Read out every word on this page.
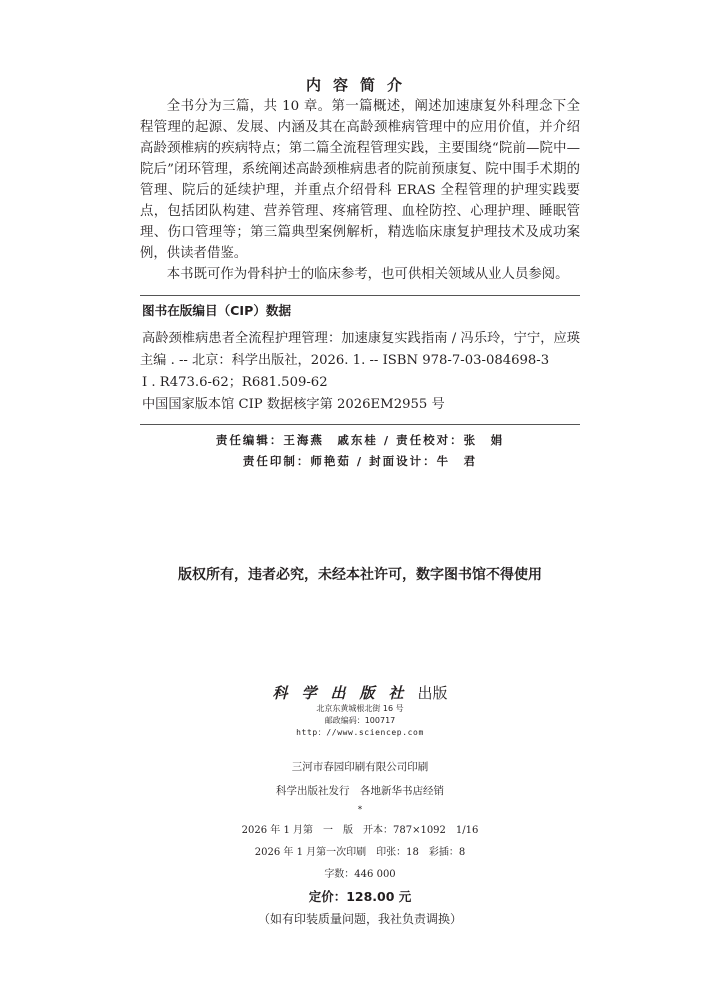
内容简介

全书分为三篇，共 10 章。第一篇概述，阐述加速康复外科理念下全程管理的起源、发展、内涵及其在高龄颈椎病管理中的应用价值，并介绍高龄颈椎病的疾病特点；第二篇全流程管理实践，主要围绕“院前—院中—院后”闭环管理，系统阐述高龄颈椎病患者的院前预康复、院中围手术期的管理、院后的延续护理，并重点介绍骨科 ERAS 全程管理的护理实践要点，包括团队构建、营养管理、疼痛管理、血栓防控、心理护理、睡眠管理、伤口管理等；第三篇典型案例解析，精选临床康复护理技术及成功案例，供读者借鉴。

本书既可作为骨科护士的临床参考，也可供相关领域从业人员参阅。

图书在版编目（CIP）数据
高龄颈椎病患者全流程护理管理：加速康复实践指南 / 冯乐玲，宁宁，应瑛主编 . -- 北京：科学出版社，2026. 1. -- ISBN 978-7-03-084698-3
Ⅰ . R473.6-62；R681.509-62
中国国家版本馆 CIP 数据核字第 2026EM2955 号
责任编辑：王海燕　戚东桂 / 责任校对：张　娟
责任印制：师艳茹 / 封面设计：牛　君
版权所有，违者必究，未经本社许可，数字图书馆不得使用
科学出版社出版
北京东黄城根北街 16 号
邮政编码：100717
http：//www.sciencep.com
三河市春园印刷有限公司印刷
科学出版社发行　各地新华书店经销
*
2026 年 1 月第　一　版　开本：787×1092　1/16
2026 年 1 月第一次印刷　印张：18　彩插：8
字数：446 000
定价：128.00 元
（如有印装质量问题，我社负责调换）
